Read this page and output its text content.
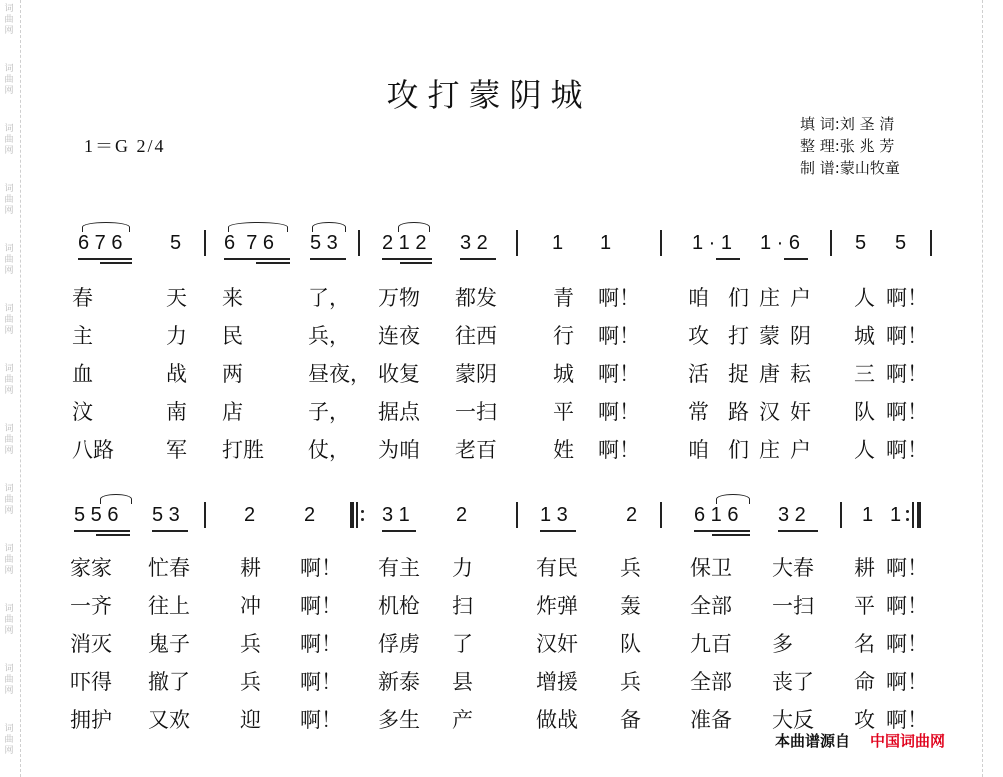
词曲网
词曲网
词曲网
词曲网
词曲网
词曲网
词曲网
词曲网
词曲网
词曲网
词曲网
词曲网
词曲网
攻打蒙阴城
1＝G 2/4
填 词:刘 圣 清
整 理:张 兆 芳
制 谱:蒙山牧童
6 7 6 5 6  7 6 5 3 2 1 2 3 2	1 1	1 · 1 1 · 6	5 5
春	天 来	了， 万物 都发	青 啊！ 咱 们 庄 户 人 啊！
主	力 民	兵， 连夜 往西	行 啊！ 攻 打 蒙 阴 城 啊！
血	战 两	昼夜， 收复 蒙阴	城 啊！ 活 捉 唐 耘 三 啊！
汶	南 店	子， 据点 一扫	平 啊！ 常 路 汉 奸 队 啊！
八路 军 打胜 仗， 为咱 老百	姓 啊！ 咱 们 庄 户 人 啊！
5 5 6 5 3	2 2	3 1 2	1 3	2	6 1 6 3 2	1 1
家家 忙春 耕 啊！ 有主 力	有民 兵 保卫 大春 耕 啊！
一齐 往上 冲 啊！ 机枪 扫	炸弹 轰 全部 一扫 平 啊！
消灭 鬼子 兵 啊！ 俘虏 了	汉奸 队 九百 多	名 啊！
吓得 撤了 兵 啊！ 新泰 县	增援 兵 全部 丧了 命 啊！
拥护 又欢 迎 啊！ 多生 产	做战 备 准备 大反 攻 啊！
本曲谱源自 中国词曲网
